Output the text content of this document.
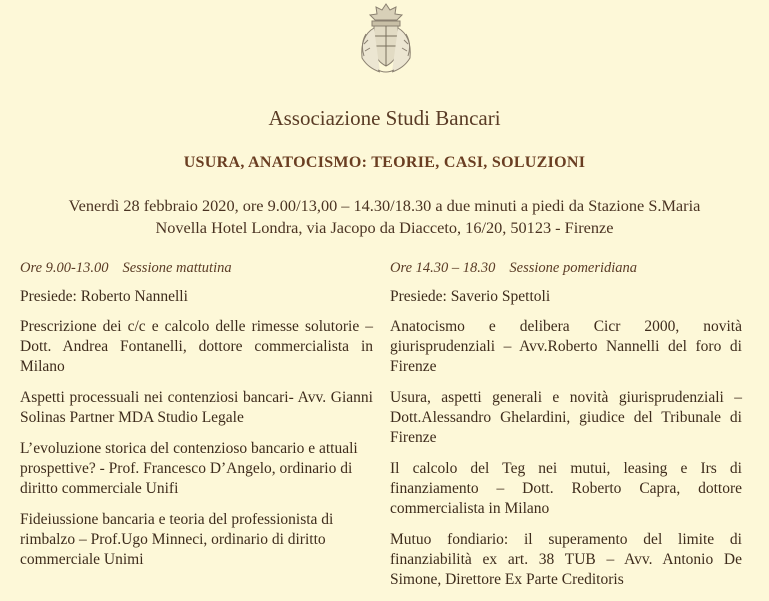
Associazione Studi Bancari
USURA, ANATOCISMO: TEORIE, CASI, SOLUZIONI
Venerdì 28 febbraio 2020, ore 9.00/13,00 – 14.30/18.30 a due minuti a piedi da Stazione S.Maria
Novella Hotel Londra, via Jacopo da Diacceto, 16/20, 50123 - Firenze
Ore 9.00-13.00 Sessione mattutina
Presiede: Roberto Nannelli
Prescrizione dei c/c e calcolo delle rimesse solutorie – Dott. Andrea Fontanelli, dottore commercialista in Milano
Aspetti processuali nei contenziosi bancari- Avv. Gianni Solinas Partner MDA Studio Legale
L’evoluzione storica del contenzioso bancario e attuali prospettive? - Prof. Francesco D’Angelo, ordinario di diritto commerciale Unifi
Fideiussione bancaria e teoria del professionista di rimbalzo – Prof.Ugo Minneci, ordinario di diritto commerciale Unimi
Ore 14.30 – 18.30 Sessione pomeridiana
Presiede: Saverio Spettoli
Anatocismo e delibera Cicr 2000, novità giurisprudenziali – Avv.Roberto Nannelli del foro di Firenze
Usura, aspetti generali e novità giurisprudenziali – Dott.Alessandro Ghelardini, giudice del Tribunale di Firenze
Il calcolo del Teg nei mutui, leasing e Irs di finanziamento – Dott. Roberto Capra, dottore commercialista in Milano
Mutuo fondiario: il superamento del limite di finanziabilità ex art. 38 TUB – Avv. Antonio De Simone, Direttore Ex Parte Creditoris
